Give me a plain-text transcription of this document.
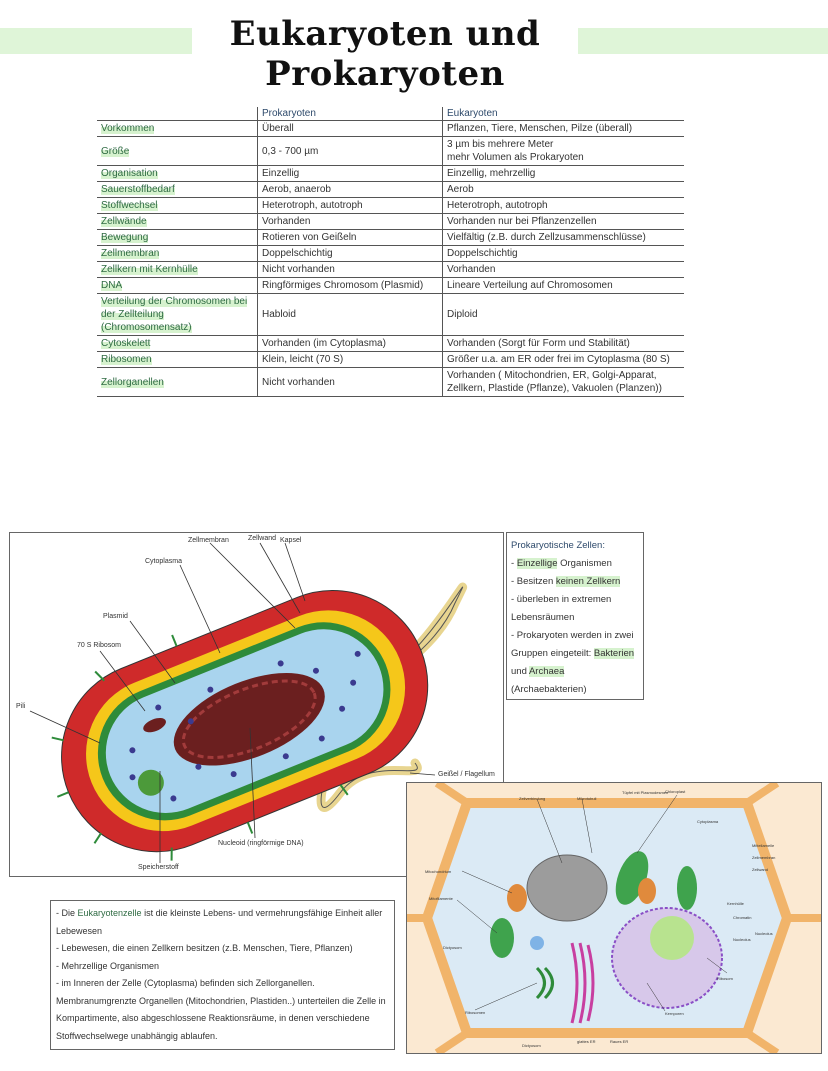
Eukaryoten und Prokaryoten
	Prokaryoten	Eukaryoten
Vorkommen	Überall	Pflanzen, Tiere, Menschen, Pilze (überall)
Größe	0,3 - 700 µm	3 µm bis mehrere Meter
mehr Volumen als Prokaryoten
Organisation	Einzellig	Einzellig, mehrzellig
Sauerstoffbedarf	Aerob, anaerob	Aerob
Stoffwechsel	Heterotroph, autotroph	Heterotroph, autotroph
Zellwände	Vorhanden	Vorhanden nur bei Pflanzenzellen
Bewegung	Rotieren von Geißeln	Vielfältig (z.B. durch Zellzusammenschlüsse)
Zellmembran	Doppelschichtig	Doppelschichtig
Zellkern mit Kernhülle	Nicht vorhanden	Vorhanden
DNA	Ringförmiges Chromosom (Plasmid)	Lineare Verteilung auf Chromosomen
Verteilung der Chromosomen bei der Zellteilung (Chromosomensatz)	Habloid	Diploid
Cytoskelett	Vorhanden (im Cytoplasma)	Vorhanden (Sorgt für Form und Stabilität)
Ribosomen	Klein, leicht (70 S)	Größer u.a. am ER oder frei im Cytoplasma (80 S)
Zellorganellen	Nicht vorhanden	Vorhanden ( Mitochondrien, ER, Golgi-Apparat,
Zellkern, Plastide (Pflanze), Vakuolen (Planzen))
Zellmembran	Zellwand Kapsel
Cytoplasma
Plasmid
70 S Ribosom
Pili
Geißel / Flagellum
Nucleoid (ringförmige DNA)
Speicherstoff
Prokaryotische Zellen:
- Einzellige Organismen
- Besitzen keinen Zellkern
- überleben in extremen
Lebensräumen
- Prokaryoten werden in zwei
Gruppen eingeteilt: Bakterien
und Archaea
(Archaebakterien)
Zellverbindung	Mikrotubuli
Tüpfel mit Plasmodesmen
Chloroplast
Cytoplasma
Mittellamelle
Zellmembran
Zellwand
Mitochondrium
Mitofilamente
Kernhülle
Chromatin
Nucleolus
Nucleolus
Dictyosom
Ribosom
Ribosomen	Kernporen
Dictyosom
glattes ER	Raues ER
- Die Eukaryotenzelle ist die kleinste Lebens- und vermehrungsfähige Einheit aller
Lebewesen
- Lebewesen, die einen Zellkern besitzen (z.B. Menschen, Tiere, Pflanzen)
- Mehrzellige Organismen
- im Inneren der Zelle (Cytoplasma) befinden sich Zellorganellen.
Membranumgrenzte Organellen (Mitochondrien, Plastiden..) unterteilen die Zelle in
Kompartimente, also abgeschlossene Reaktionsräume, in denen verschiedene
Stoffwechselwege unabhängig ablaufen.
